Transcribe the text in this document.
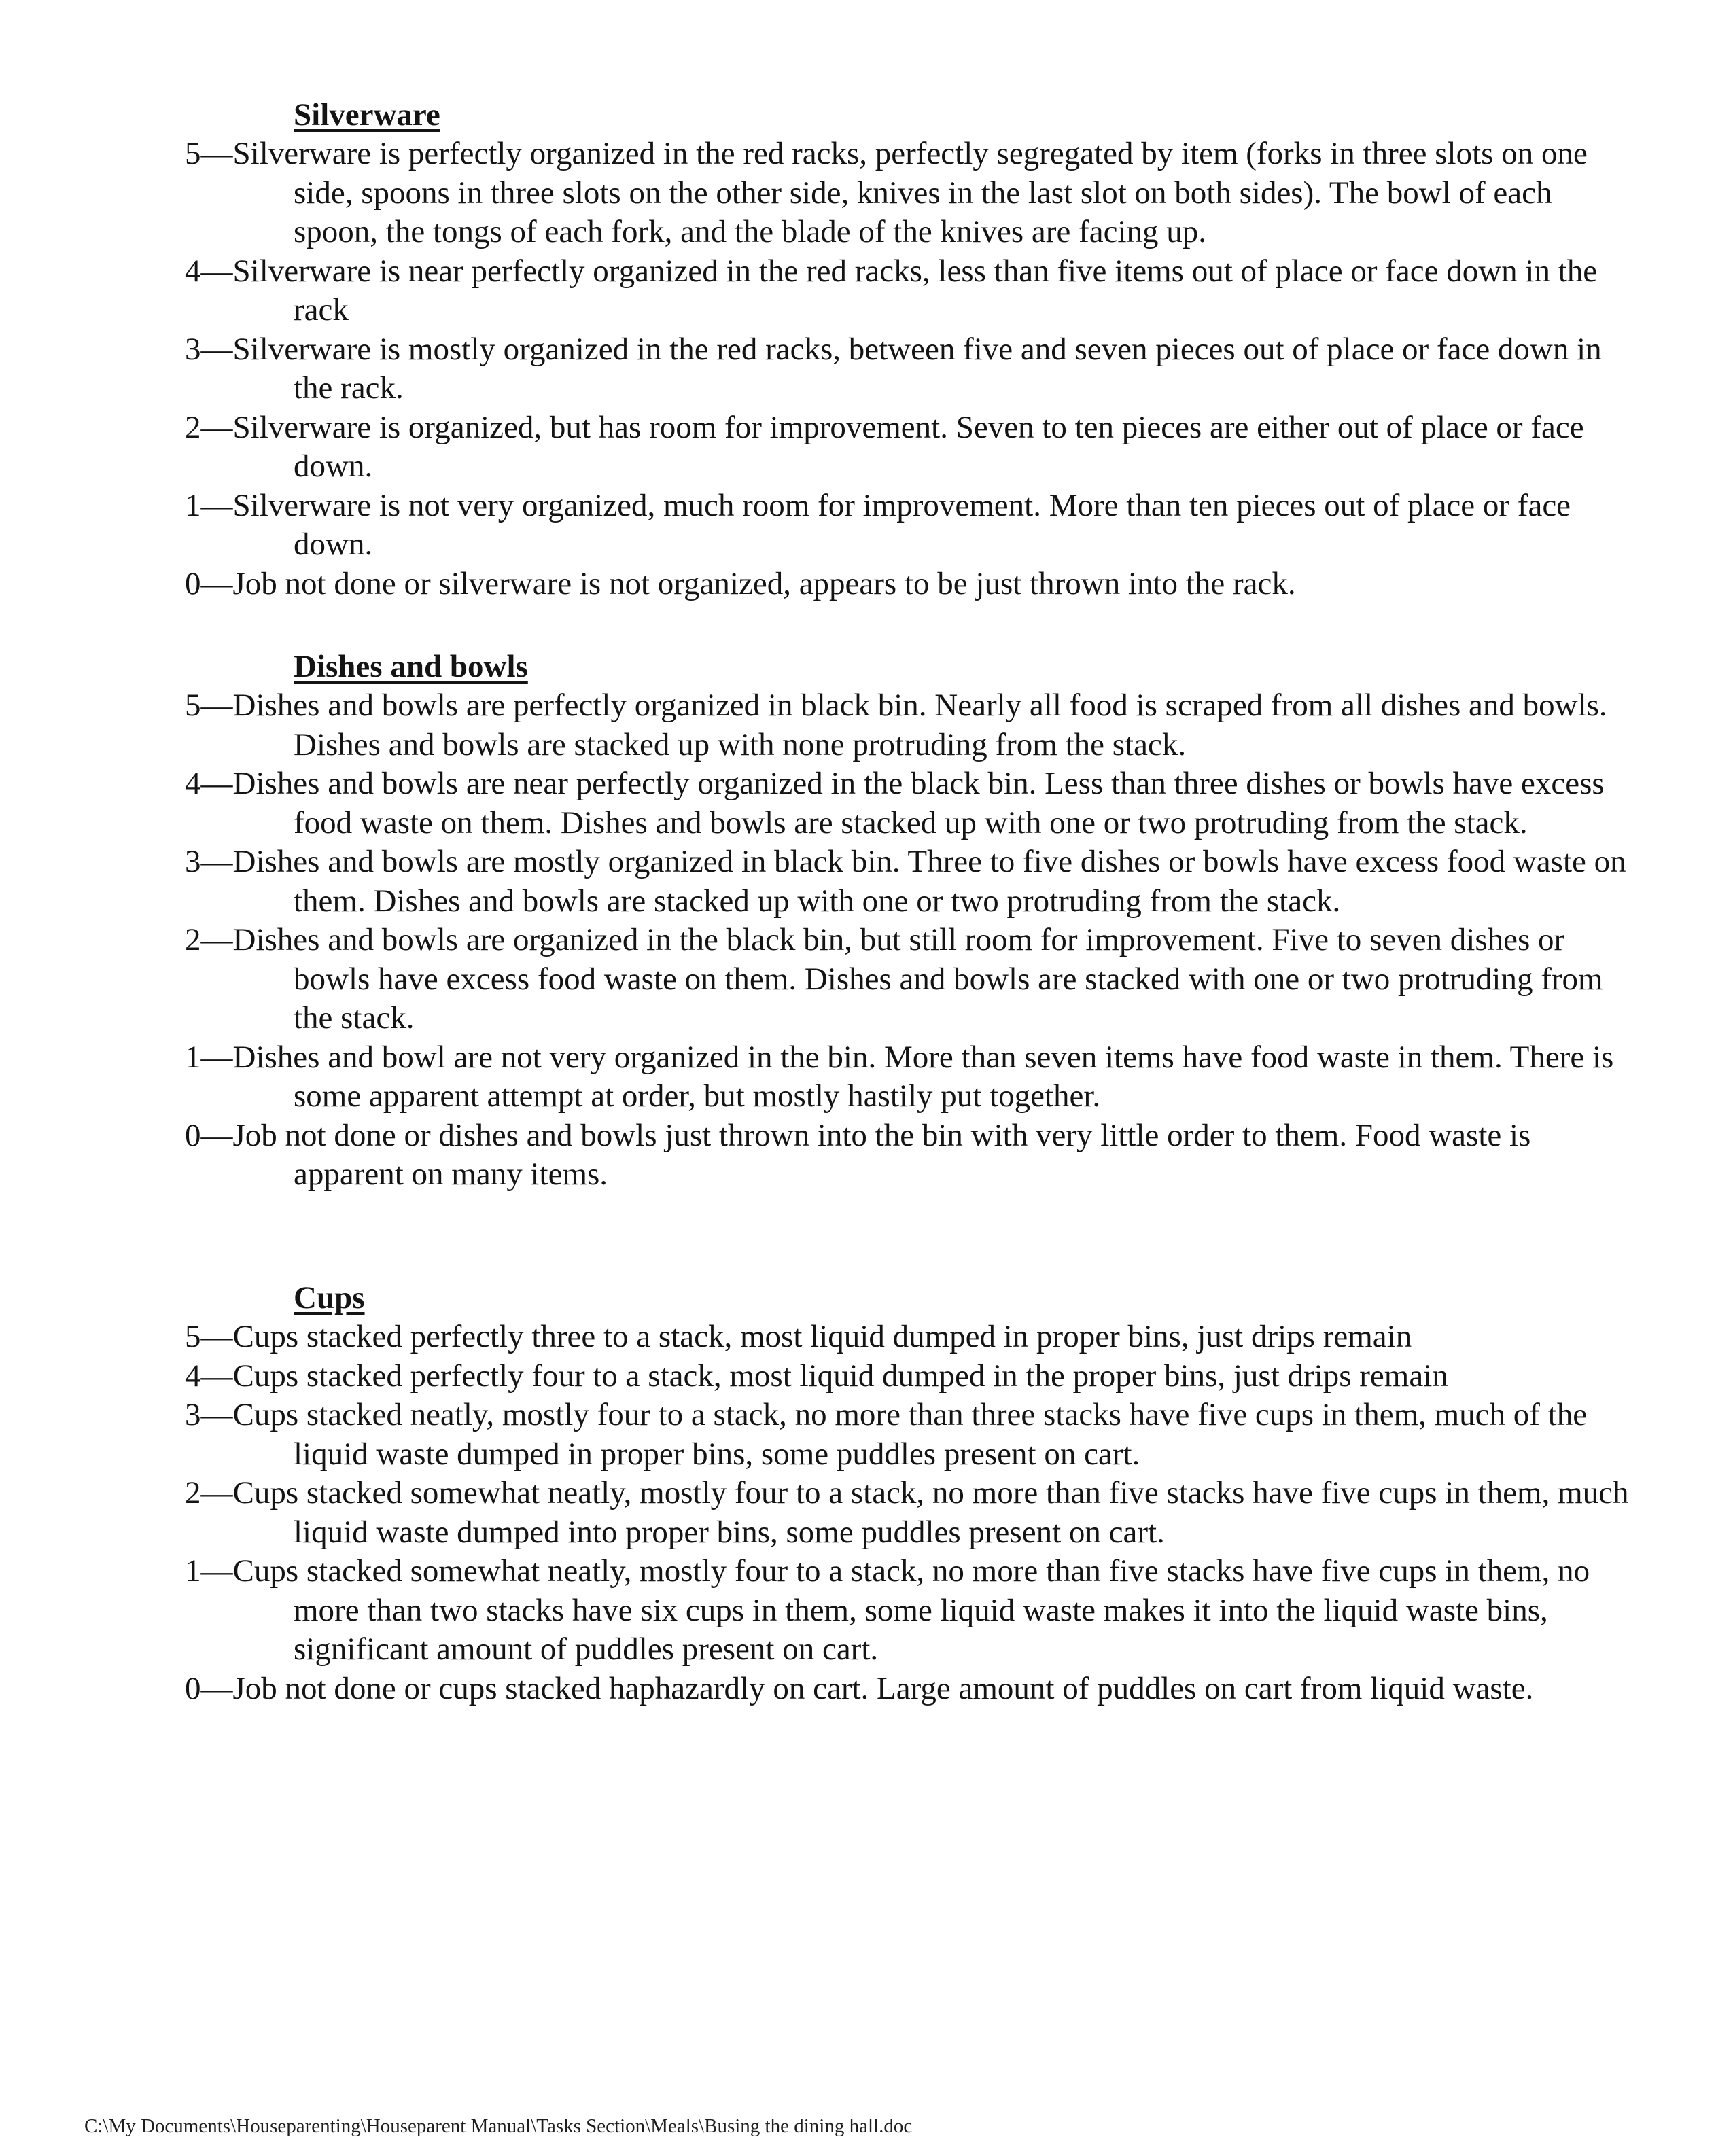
Silverware
5—Silverware is perfectly organized in the red racks, perfectly segregated by item (forks in three slots on one side, spoons in three slots on the other side, knives in the last slot on both sides). The bowl of each spoon, the tongs of each fork, and the blade of the knives are facing up.
4—Silverware is near perfectly organized in the red racks, less than five items out of place or face down in the rack
3—Silverware is mostly organized in the red racks, between five and seven pieces out of place or face down in the rack.
2—Silverware is organized, but has room for improvement. Seven to ten pieces are either out of place or face down.
1—Silverware is not very organized, much room for improvement. More than ten pieces out of place or face down.
0—Job not done or silverware is not organized, appears to be just thrown into the rack.
Dishes and bowls
5—Dishes and bowls are perfectly organized in black bin. Nearly all food is scraped from all dishes and bowls. Dishes and bowls are stacked up with none protruding from the stack.
4—Dishes and bowls are near perfectly organized in the black bin. Less than three dishes or bowls have excess food waste on them. Dishes and bowls are stacked up with one or two protruding from the stack.
3—Dishes and bowls are mostly organized in black bin. Three to five dishes or bowls have excess food waste on them. Dishes and bowls are stacked up with one or two protruding from the stack.
2—Dishes and bowls are organized in the black bin, but still room for improvement. Five to seven dishes or bowls have excess food waste on them. Dishes and bowls are stacked with one or two protruding from the stack.
1—Dishes and bowl are not very organized in the bin. More than seven items have food waste in them. There is some apparent attempt at order, but mostly hastily put together.
0—Job not done or dishes and bowls just thrown into the bin with very little order to them. Food waste is apparent on many items.
Cups
5—Cups stacked perfectly three to a stack, most liquid dumped in proper bins, just drips remain
4—Cups stacked perfectly four to a stack, most liquid dumped in the proper bins, just drips remain
3—Cups stacked neatly, mostly four to a stack, no more than three stacks have five cups in them, much of the liquid waste dumped in proper bins, some puddles present on cart.
2—Cups stacked somewhat neatly, mostly four to a stack, no more than five stacks have five cups in them, much liquid waste dumped into proper bins, some puddles present on cart.
1—Cups stacked somewhat neatly, mostly four to a stack, no more than five stacks have five cups in them, no more than two stacks have six cups in them, some liquid waste makes it into the liquid waste bins, significant amount of puddles present on cart.
0—Job not done or cups stacked haphazardly on cart. Large amount of puddles on cart from liquid waste.
C:\My Documents\Houseparenting\Houseparent Manual\Tasks Section\Meals\Busing the dining hall.doc
